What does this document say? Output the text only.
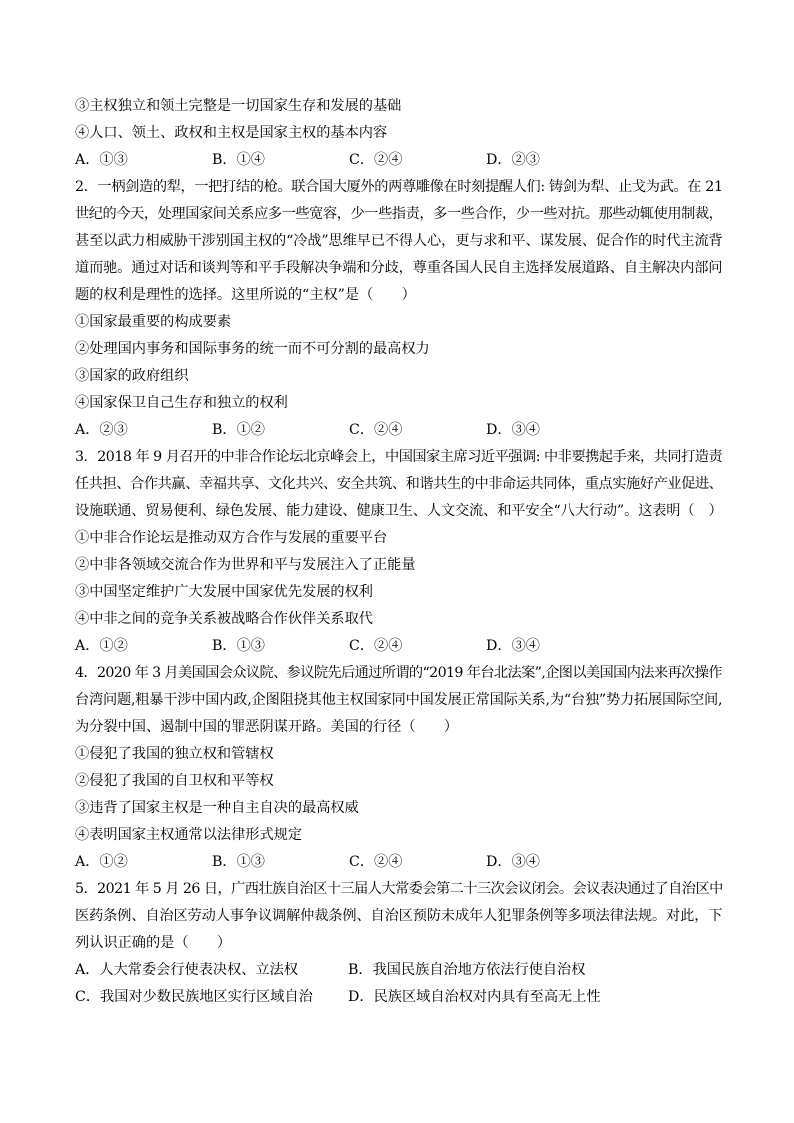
③主权独立和领土完整是一切国家生存和发展的基础
④人口、领土、政权和主权是国家主权的基本内容
A．①③	B．①④	C．②④	D．②③
2．一柄剑造的犁，一把打结的枪。联合国大厦外的两尊雕像在时刻提醒人们: 铸剑为犁、止戈为武。在 21
世纪的今天，处理国家间关系应多一些宽容，少一些指责，多一些合作，少一些对抗。那些动辄使用制裁，
甚至以武力相威胁干涉别国主权的“冷战”思维早已不得人心，更与求和平、谋发展、促合作的时代主流背
道而驰。通过对话和谈判等和平手段解决争端和分歧，尊重各国人民自主选择发展道路、自主解决内部问
题的权利是理性的选择。这里所说的“主权”是（　　）
①国家最重要的构成要素
②处理国内事务和国际事务的统一而不可分割的最高权力
③国家的政府组织
④国家保卫自己生存和独立的权利
A．②③	B．①②	C．②④	D．③④
3．2018 年 9 月召开的中非合作论坛北京峰会上，中国国家主席习近平强调: 中非要携起手来，共同打造责
任共担、合作共赢、幸福共享、文化共兴、安全共筑、和谐共生的中非命运共同体，重点实施好产业促进、
设施联通、贸易便利、绿色发展、能力建设、健康卫生、人文交流、和平安全“八大行动”。这表明（　）
①中非合作论坛是推动双方合作与发展的重要平台
②中非各领域交流合作为世界和平与发展注入了正能量
③中国坚定维护广大发展中国家优先发展的权利
④中非之间的竞争关系被战略合作伙伴关系取代
A．①②	B．①③	C．②④	D．③④
4．2020 年 3 月美国国会众议院、参议院先后通过所谓的“2019 年台北法案”,企图以美国国内法来再次操作
台湾问题,粗暴干涉中国内政,企图阻挠其他主权国家同中国发展正常国际关系,为“台独”势力拓展国际空间,
为分裂中国、遏制中国的罪恶阴谋开路。美国的行径（　　）
①侵犯了我国的独立权和管辖权
②侵犯了我国的自卫权和平等权
③违背了国家主权是一种自主自决的最高权威
④表明国家主权通常以法律形式规定
A．①②	B．①③	C．②④	D．③④
5．2021 年 5 月 26 日，广西壮族自治区十三届人大常委会第二十三次会议闭会。会议表决通过了自治区中
医药条例、自治区劳动人事争议调解仲裁条例、自治区预防未成年人犯罪条例等多项法律法规。对此，下
列认识正确的是（　　）
A．人大常委会行使表决权、立法权	B．我国民族自治地方依法行使自治权
C．我国对少数民族地区实行区域自治	D．民族区域自治权对内具有至高无上性
